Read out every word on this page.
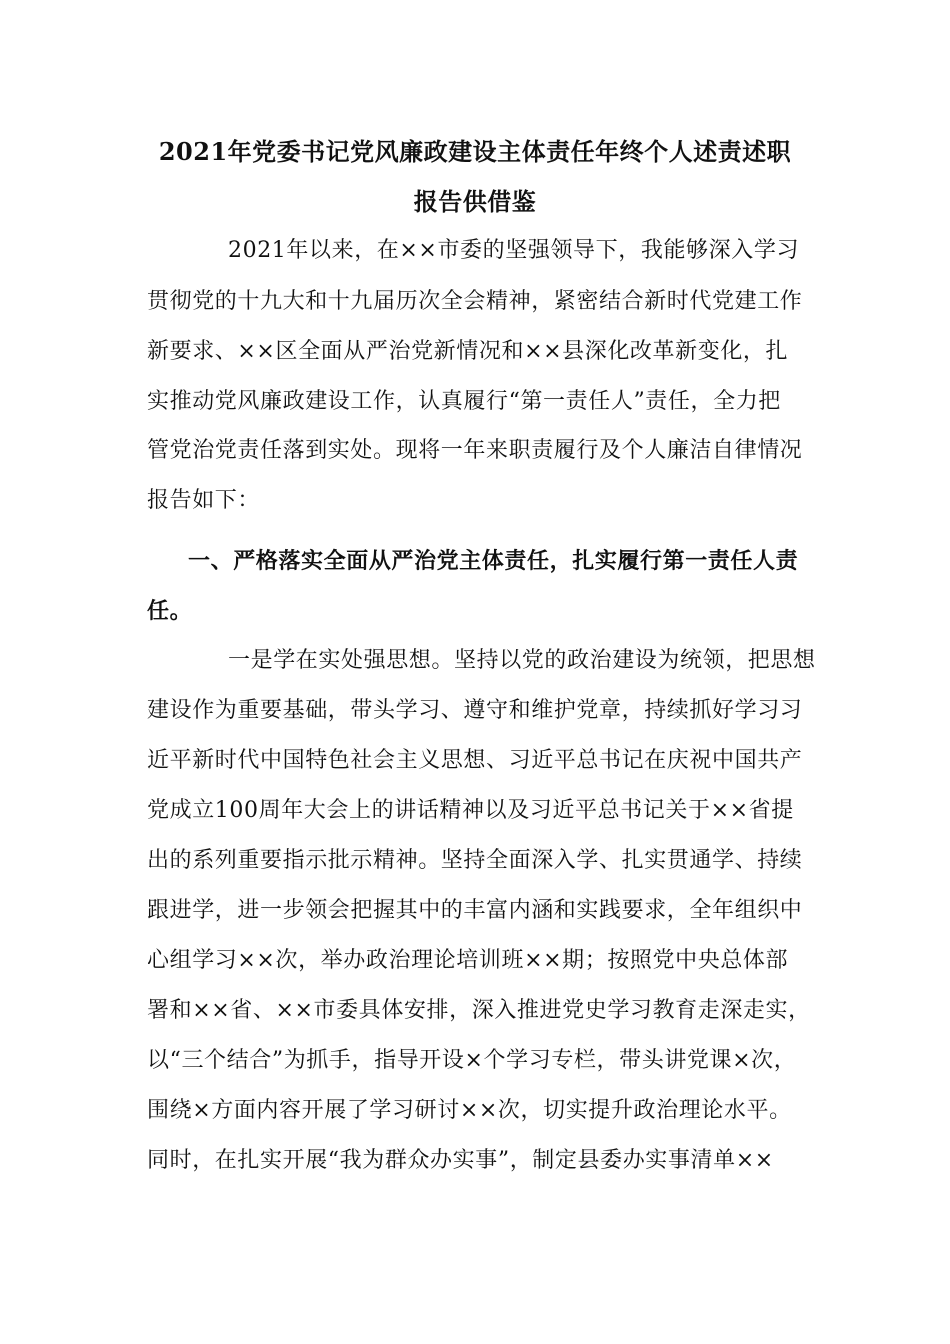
2021年党委书记党风廉政建设主体责任年终个人述责述职
报告供借鉴
2021年以来，在××市委的坚强领导下，我能够深入学习
贯彻党的十九大和十九届历次全会精神，紧密结合新时代党建工作
新要求、××区全面从严治党新情况和××县深化改革新变化，扎
实推动党风廉政建设工作，认真履行“第一责任人”责任，全力把
管党治党责任落到实处。现将一年来职责履行及个人廉洁自律情况
报告如下：
一、严格落实全面从严治党主体责任，扎实履行第一责任人责
任。
一是学在实处强思想。坚持以党的政治建设为统领，把思想
建设作为重要基础，带头学习、遵守和维护党章，持续抓好学习习
近平新时代中国特色社会主义思想、习近平总书记在庆祝中国共产
党成立100周年大会上的讲话精神以及习近平总书记关于××省提
出的系列重要指示批示精神。坚持全面深入学、扎实贯通学、持续
跟进学，进一步领会把握其中的丰富内涵和实践要求，全年组织中
心组学习××次，举办政治理论培训班××期；按照党中央总体部
署和××省、××市委具体安排，深入推进党史学习教育走深走实，
以“三个结合”为抓手，指导开设×个学习专栏，带头讲党课×次，
围绕×方面内容开展了学习研讨××次，切实提升政治理论水平。
同时，在扎实开展“我为群众办实事”，制定县委办实事清单××
